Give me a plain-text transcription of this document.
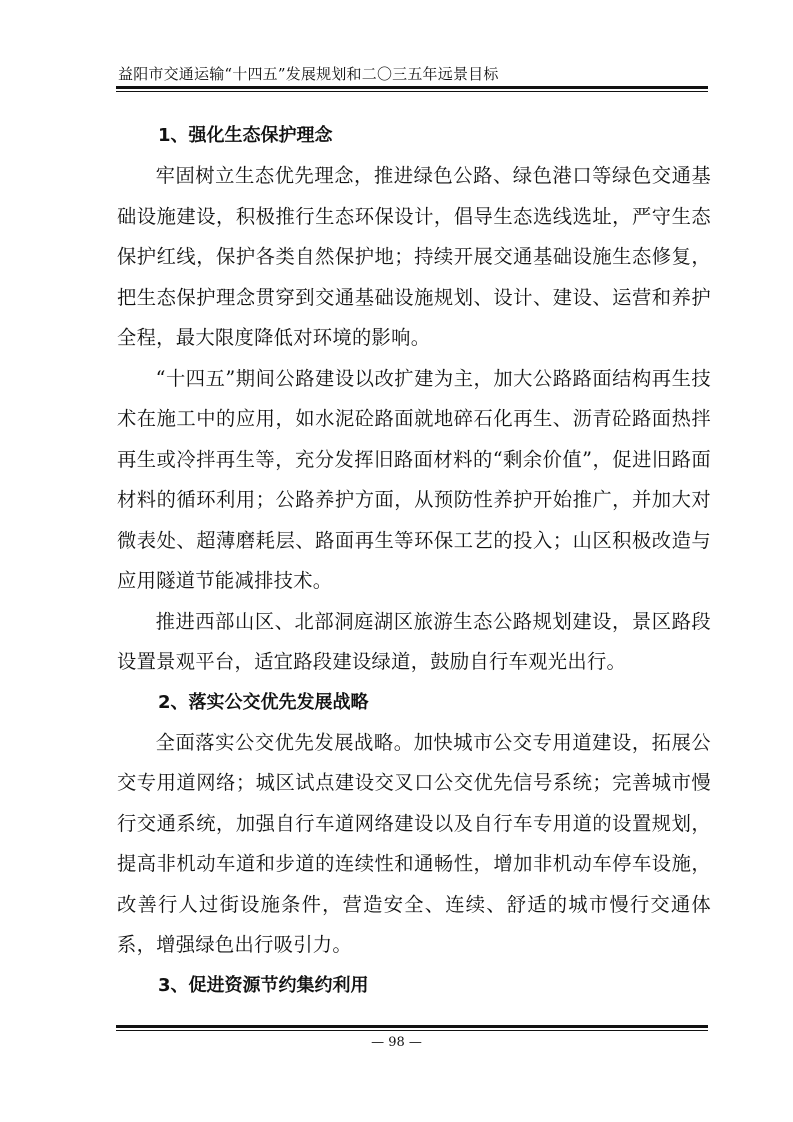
益阳市交通运输“十四五”发展规划和二〇三五年远景目标
1、强化生态保护理念

牢固树立生态优先理念，推进绿色公路、绿色港口等绿色交通基础设施建设，积极推行生态环保设计，倡导生态选线选址，严守生态保护红线，保护各类自然保护地；持续开展交通基础设施生态修复，把生态保护理念贯穿到交通基础设施规划、设计、建设、运营和养护全程，最大限度降低对环境的影响。

“十四五”期间公路建设以改扩建为主，加大公路路面结构再生技术在施工中的应用，如水泥砼路面就地碎石化再生、沥青砼路面热拌再生或冷拌再生等，充分发挥旧路面材料的“剩余价值”，促进旧路面材料的循环利用；公路养护方面，从预防性养护开始推广，并加大对微表处、超薄磨耗层、路面再生等环保工艺的投入；山区积极改造与应用隧道节能减排技术。

推进西部山区、北部洞庭湖区旅游生态公路规划建设，景区路段设置景观平台，适宜路段建设绿道，鼓励自行车观光出行。

2、落实公交优先发展战略

全面落实公交优先发展战略。加快城市公交专用道建设，拓展公交专用道网络；城区试点建设交叉口公交优先信号系统；完善城市慢行交通系统，加强自行车道网络建设以及自行车专用道的设置规划，提高非机动车道和步道的连续性和通畅性，增加非机动车停车设施，改善行人过街设施条件，营造安全、连续、舒适的城市慢行交通体系，增强绿色出行吸引力。

3、促进资源节约集约利用
— 98 —
